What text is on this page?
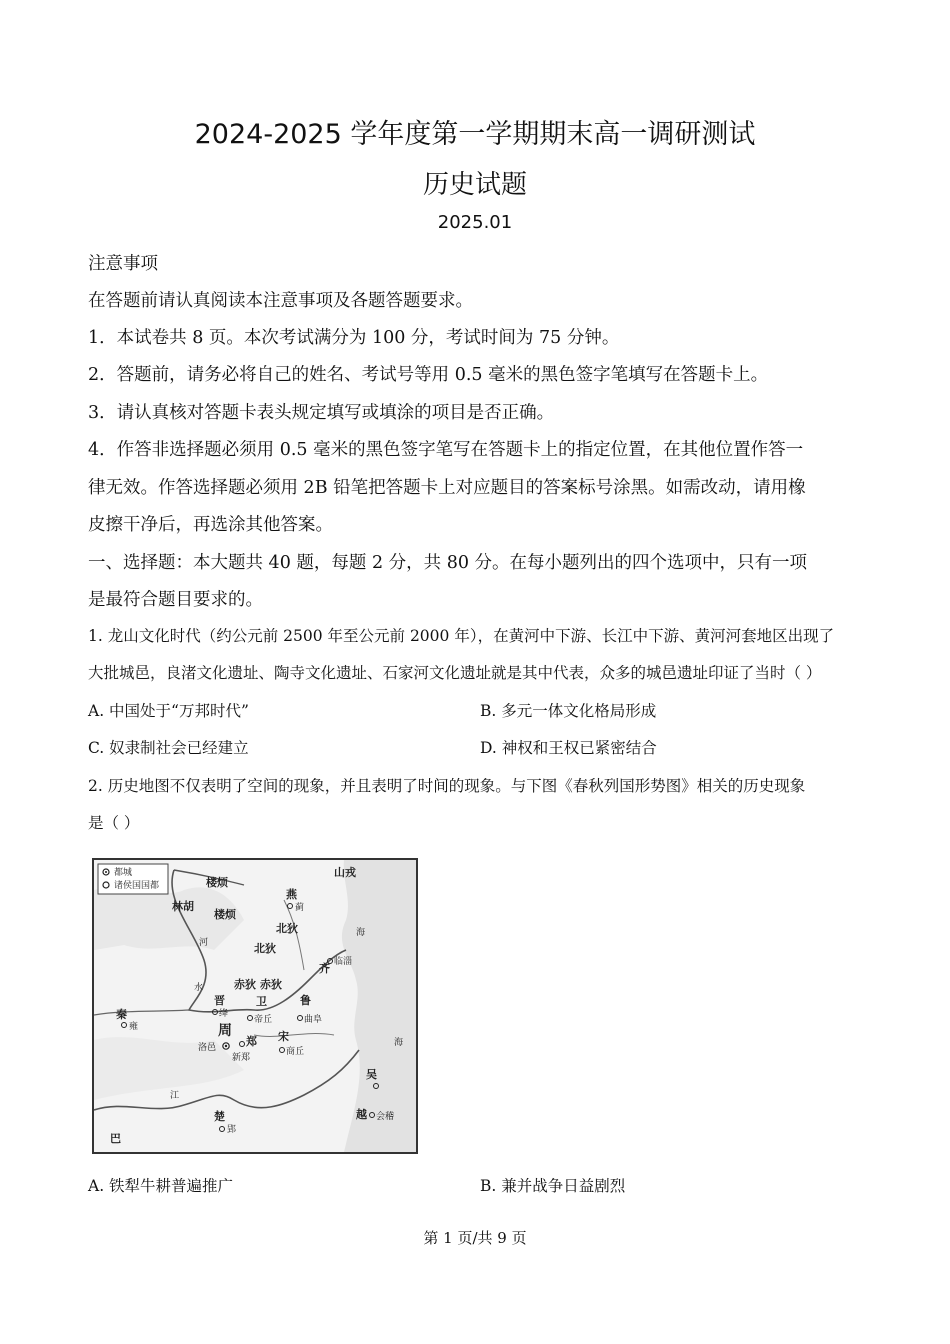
2024-2025 学年度第一学期期末高一调研测试
历史试题
2025.01
注意事项
在答题前请认真阅读本注意事项及各题答题要求。
1．本试卷共 8 页。本次考试满分为 100 分，考试时间为 75 分钟。
2．答题前，请务必将自己的姓名、考试号等用 0.5 毫米的黑色签字笔填写在答题卡上。
3．请认真核对答题卡表头规定填写或填涂的项目是否正确。
4．作答非选择题必须用 0.5 毫米的黑色签字笔写在答题卡上的指定位置，在其他位置作答一
律无效。作答选择题必须用 2B 铅笔把答题卡上对应题目的答案标号涂黑。如需改动，请用橡
皮擦干净后，再选涂其他答案。
一、选择题：本大题共 40 题，每题 2 分，共 80 分。在每小题列出的四个选项中，只有一项
是最符合题目要求的。
1. 龙山文化时代（约公元前 2500 年至公元前 2000 年），在黄河中下游、长江中下游、黄河河套地区出现了
大批城邑，良渚文化遗址、陶寺文化遗址、石家河文化遗址就是其中代表，众多的城邑遗址印证了当时（ ）
A. 中国处于“万邦时代”	B. 多元一体文化格局形成
C. 奴隶制社会已经建立	D. 神权和王权已紧密结合
2. 历史地图不仅表明了空间的现象，并且表明了时间的现象。与下图《春秋列国形势图》相关的历史现象
是（ ）
都城
诸侯国国都
山戎
楼烦
林胡
楼烦
燕
蓟
北狄
北狄
赤狄 赤狄
齐 临淄
晋
绛
秦
雍	周
洛邑
卫
帝丘
鲁
曲阜
郑
新郑
宋
商丘
楚
郢
巴
吴
越 会稽
海
海
河
水
江
A. 铁犁牛耕普遍推广	B. 兼并战争日益剧烈
第 1 页/共 9 页
